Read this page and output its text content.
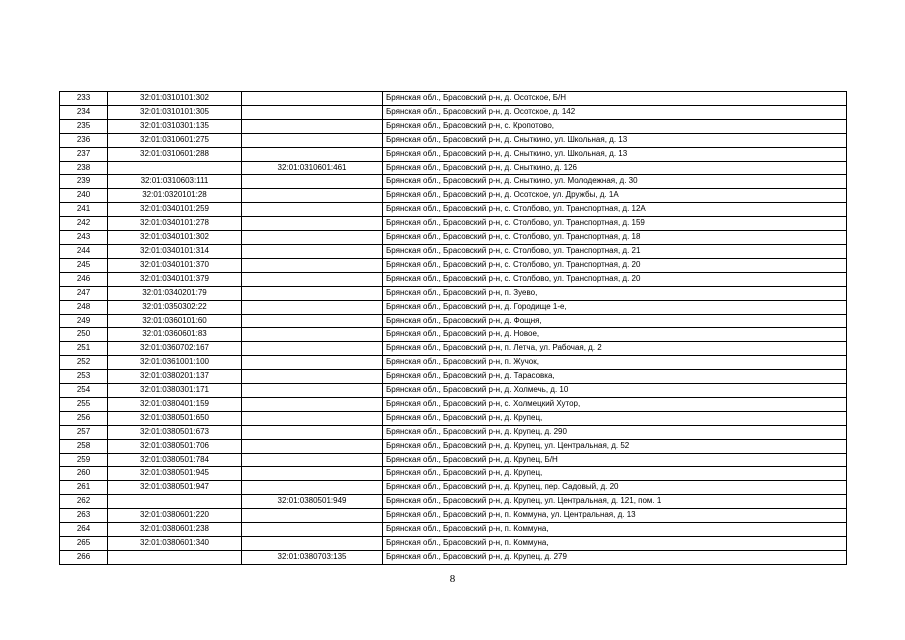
233	32:01:0310101:302		Брянская обл., Брасовский р-н, д. Осотское, Б/Н
234	32:01:0310101:305		Брянская обл., Брасовский р-н, д. Осотское, д. 142
235	32:01:0310301:135		Брянская обл., Брасовский р-н, с. Кропотово,
236	32:01:0310601:275		Брянская обл., Брасовский р-н, д. Сныткино, ул. Школьная, д. 13
237	32:01:0310601:288		Брянская обл., Брасовский р-н, д. Сныткино, ул. Школьная, д. 13
238		32:01:0310601:461	Брянская обл., Брасовский р-н, д. Сныткино, д. 126
239	32:01:0310603:111		Брянская обл., Брасовский р-н, д. Сныткино, ул. Молодежная, д. 30
240	32:01:0320101:28		Брянская обл., Брасовский р-н, д. Осотское, ул. Дружбы, д. 1А
241	32:01:0340101:259		Брянская обл., Брасовский р-н, с. Столбово, ул. Транспортная, д. 12А
242	32:01:0340101:278		Брянская обл., Брасовский р-н, с. Столбово, ул. Транспортная, д. 159
243	32:01:0340101:302		Брянская обл., Брасовский р-н, с. Столбово, ул. Транспортная, д. 18
244	32:01:0340101:314		Брянская обл., Брасовский р-н, с. Столбово, ул. Транспортная, д. 21
245	32:01:0340101:370		Брянская обл., Брасовский р-н, с. Столбово, ул. Транспортная, д. 20
246	32:01:0340101:379		Брянская обл., Брасовский р-н, с. Столбово, ул. Транспортная, д. 20
247	32:01:0340201:79		Брянская обл., Брасовский р-н, п. Зуево,
248	32:01:0350302:22		Брянская обл., Брасовский р-н, д. Городище 1-е,
249	32:01:0360101:60		Брянская обл., Брасовский р-н, д. Фощня,
250	32:01:0360601:83		Брянская обл., Брасовский р-н, д. Новое,
251	32:01:0360702:167		Брянская обл., Брасовский р-н, п. Летча, ул. Рабочая, д. 2
252	32:01:0361001:100		Брянская обл., Брасовский р-н, п. Жучок,
253	32:01:0380201:137		Брянская обл., Брасовский р-н, д. Тарасовка,
254	32:01:0380301:171		Брянская обл., Брасовский р-н, д. Холмечь, д. 10
255	32:01:0380401:159		Брянская обл., Брасовский р-н, с. Холмецкий Хутор,
256	32:01:0380501:650		Брянская обл., Брасовский р-н, д. Крупец,
257	32:01:0380501:673		Брянская обл., Брасовский р-н, д. Крупец, д. 290
258	32:01:0380501:706		Брянская обл., Брасовский р-н, д. Крупец, ул. Центральная, д. 52
259	32:01:0380501:784		Брянская обл., Брасовский р-н, д. Крупец, Б/Н
260	32:01:0380501:945		Брянская обл., Брасовский р-н, д. Крупец,
261	32:01:0380501:947		Брянская обл., Брасовский р-н, д. Крупец, пер. Садовый, д. 20
262		32:01:0380501:949	Брянская обл., Брасовский р-н, д. Крупец, ул. Центральная, д. 121, пом. 1
263	32:01:0380601:220		Брянская обл., Брасовский р-н, п. Коммуна, ул. Центральная, д. 13
264	32:01:0380601:238		Брянская обл., Брасовский р-н, п. Коммуна,
265	32:01:0380601:340		Брянская обл., Брасовский р-н, п. Коммуна,
266		32:01:0380703:135	Брянская обл., Брасовский р-н, д. Крупец, д. 279
8
